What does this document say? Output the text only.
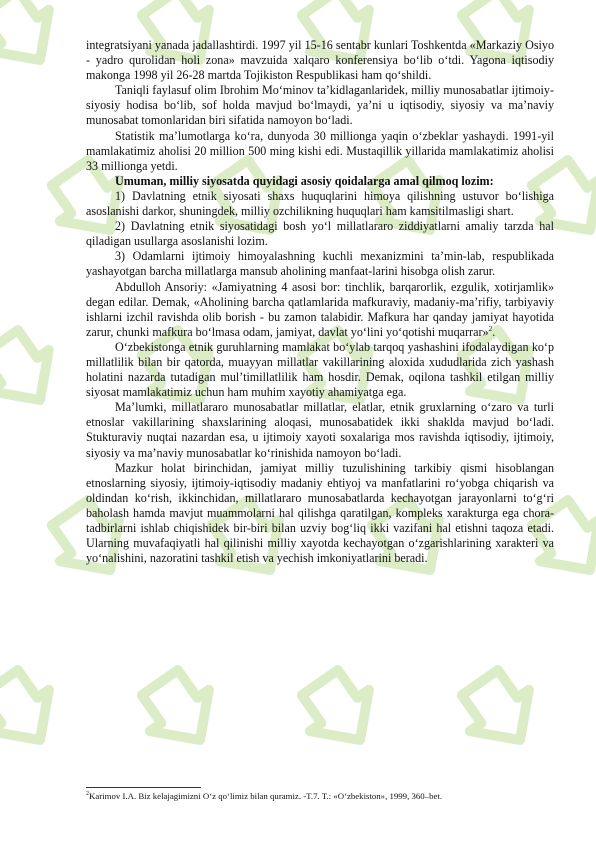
integratsiyani yanada jadallashtirdi. 1997 yil 15-16 sentabr kunlari Toshkentda «Markaziy Osiyo - yadro qurolidan holi zona» mavzuida xalqaro konferensiya bo‘lib o‘tdi. Yagona iqtisodiy makonga 1998 yil 26-28 martda Tojikiston Respublikasi ham qo‘shildi.

Taniqli faylasuf olim Ibrohim Mo‘minov ta’kidlaganlaridek, milliy munosabatlar ijtimoiy-siyosiy hodisa bo‘lib, sof holda mavjud bo‘lmaydi, ya’ni u iqtisodiy, siyosiy va ma’naviy munosabat tomonlaridan biri sifatida namoyon bo‘ladi.

Statistik ma’lumotlarga ko‘ra, dunyoda 30 millionga yaqin o‘zbeklar yashaydi. 1991-yil mamlakatimiz aholisi 20 million 500 ming kishi edi. Mustaqillik yillarida mamlakatimiz aholisi 33 millionga yetdi.

Umuman, milliy siyosatda quyidagi asosiy qoidalarga amal qilmoq lozim:

1) Davlatning etnik siyosati shaxs huquqlarini himoya qilishning ustuvor bo‘lishiga asoslanishi darkor, shuningdek, milliy ozchilikning huquqlari ham kamsitilmasligi shart.

2) Davlatning etnik siyosatidagi bosh yo‘l millatlararo ziddiyatlarni amaliy tarzda hal qiladigan usullarga asoslanishi lozim.

3) Odamlarni ijtimoiy himoyalashning kuchli mexanizmini ta’min-lab, respublikada yashayotgan barcha millatlarga mansub aholining manfaat-larini hisobga olish zarur.

Abdulloh Ansoriy: «Jamiyatning 4 asosi bor: tinchlik, barqarorlik, ezgulik, xotirjamlik» degan edilar. Demak, «Aholining barcha qatlamlarida mafkuraviy, madaniy-ma’rifiy, tarbiyaviy ishlarni izchil ravishda olib borish - bu zamon talabidir. Mafkura har qanday jamiyat hayotida zarur, chunki mafkura bo‘lmasa odam, jamiyat, davlat yo‘lini yo‘qotishi muqarrar»$^2$.

O‘zbekistonga etnik guruhlarning mamlakat bo‘ylab tarqoq yashashini ifodalaydigan ko‘p millatlilik bilan bir qatorda, muayyan millatlar vakillarining aloxida xududlarida zich yashash holatini nazarda tutadigan mul’timillatlilik ham hosdir. Demak, oqilona tashkil etilgan milliy siyosat mamlakatimiz uchun ham muhim xayotiy ahamiyatga ega.

Ma’lumki, millatlararo munosabatlar millatlar, elatlar, etnik gruxlarning o‘zaro va turli etnoslar vakillarining shaxslarining aloqasi, munosabatidek ikki shaklda mavjud bo‘ladi. Stukturaviy nuqtai nazardan esa, u ijtimoiy xayoti soxalariga mos ravishda iqtisodiy, ijtimoiy, siyosiy va ma’naviy munosabatlar ko‘rinishida namoyon bo‘ladi.

Mazkur holat birinchidan, jamiyat milliy tuzulishining tarkibiy qismi hisoblangan etnoslarning siyosiy, ijtimoiy-iqtisodiy madaniy ehtiyoj va manfatlarini ro‘yobga chiqarish va oldindan ko‘rish, ikkinchidan, millatlararo munosabatlarda kechayotgan jarayonlarni to‘g‘ri baholash hamda mavjut muammolarni hal qilishga qaratilgan, kompleks xarakturga ega chora-tadbirlarni ishlab chiqishidek bir-biri bilan uzviy bog‘liq ikki vazifani hal etishni taqoza etadi. Ularning muvafaqiyatli hal qilinishi milliy xayotda kechayotgan o‘zgarishlarining xarakteri va yo‘nalishini, nazoratini tashkil etish va yechish imkoniyatlarini beradi.

$^2$Karimov I.A. Biz kelajagimizni O‘z qo‘limiz bilan quramiz. -T.7. T.: «O‘zbekiston», 1999, 360–bet.
